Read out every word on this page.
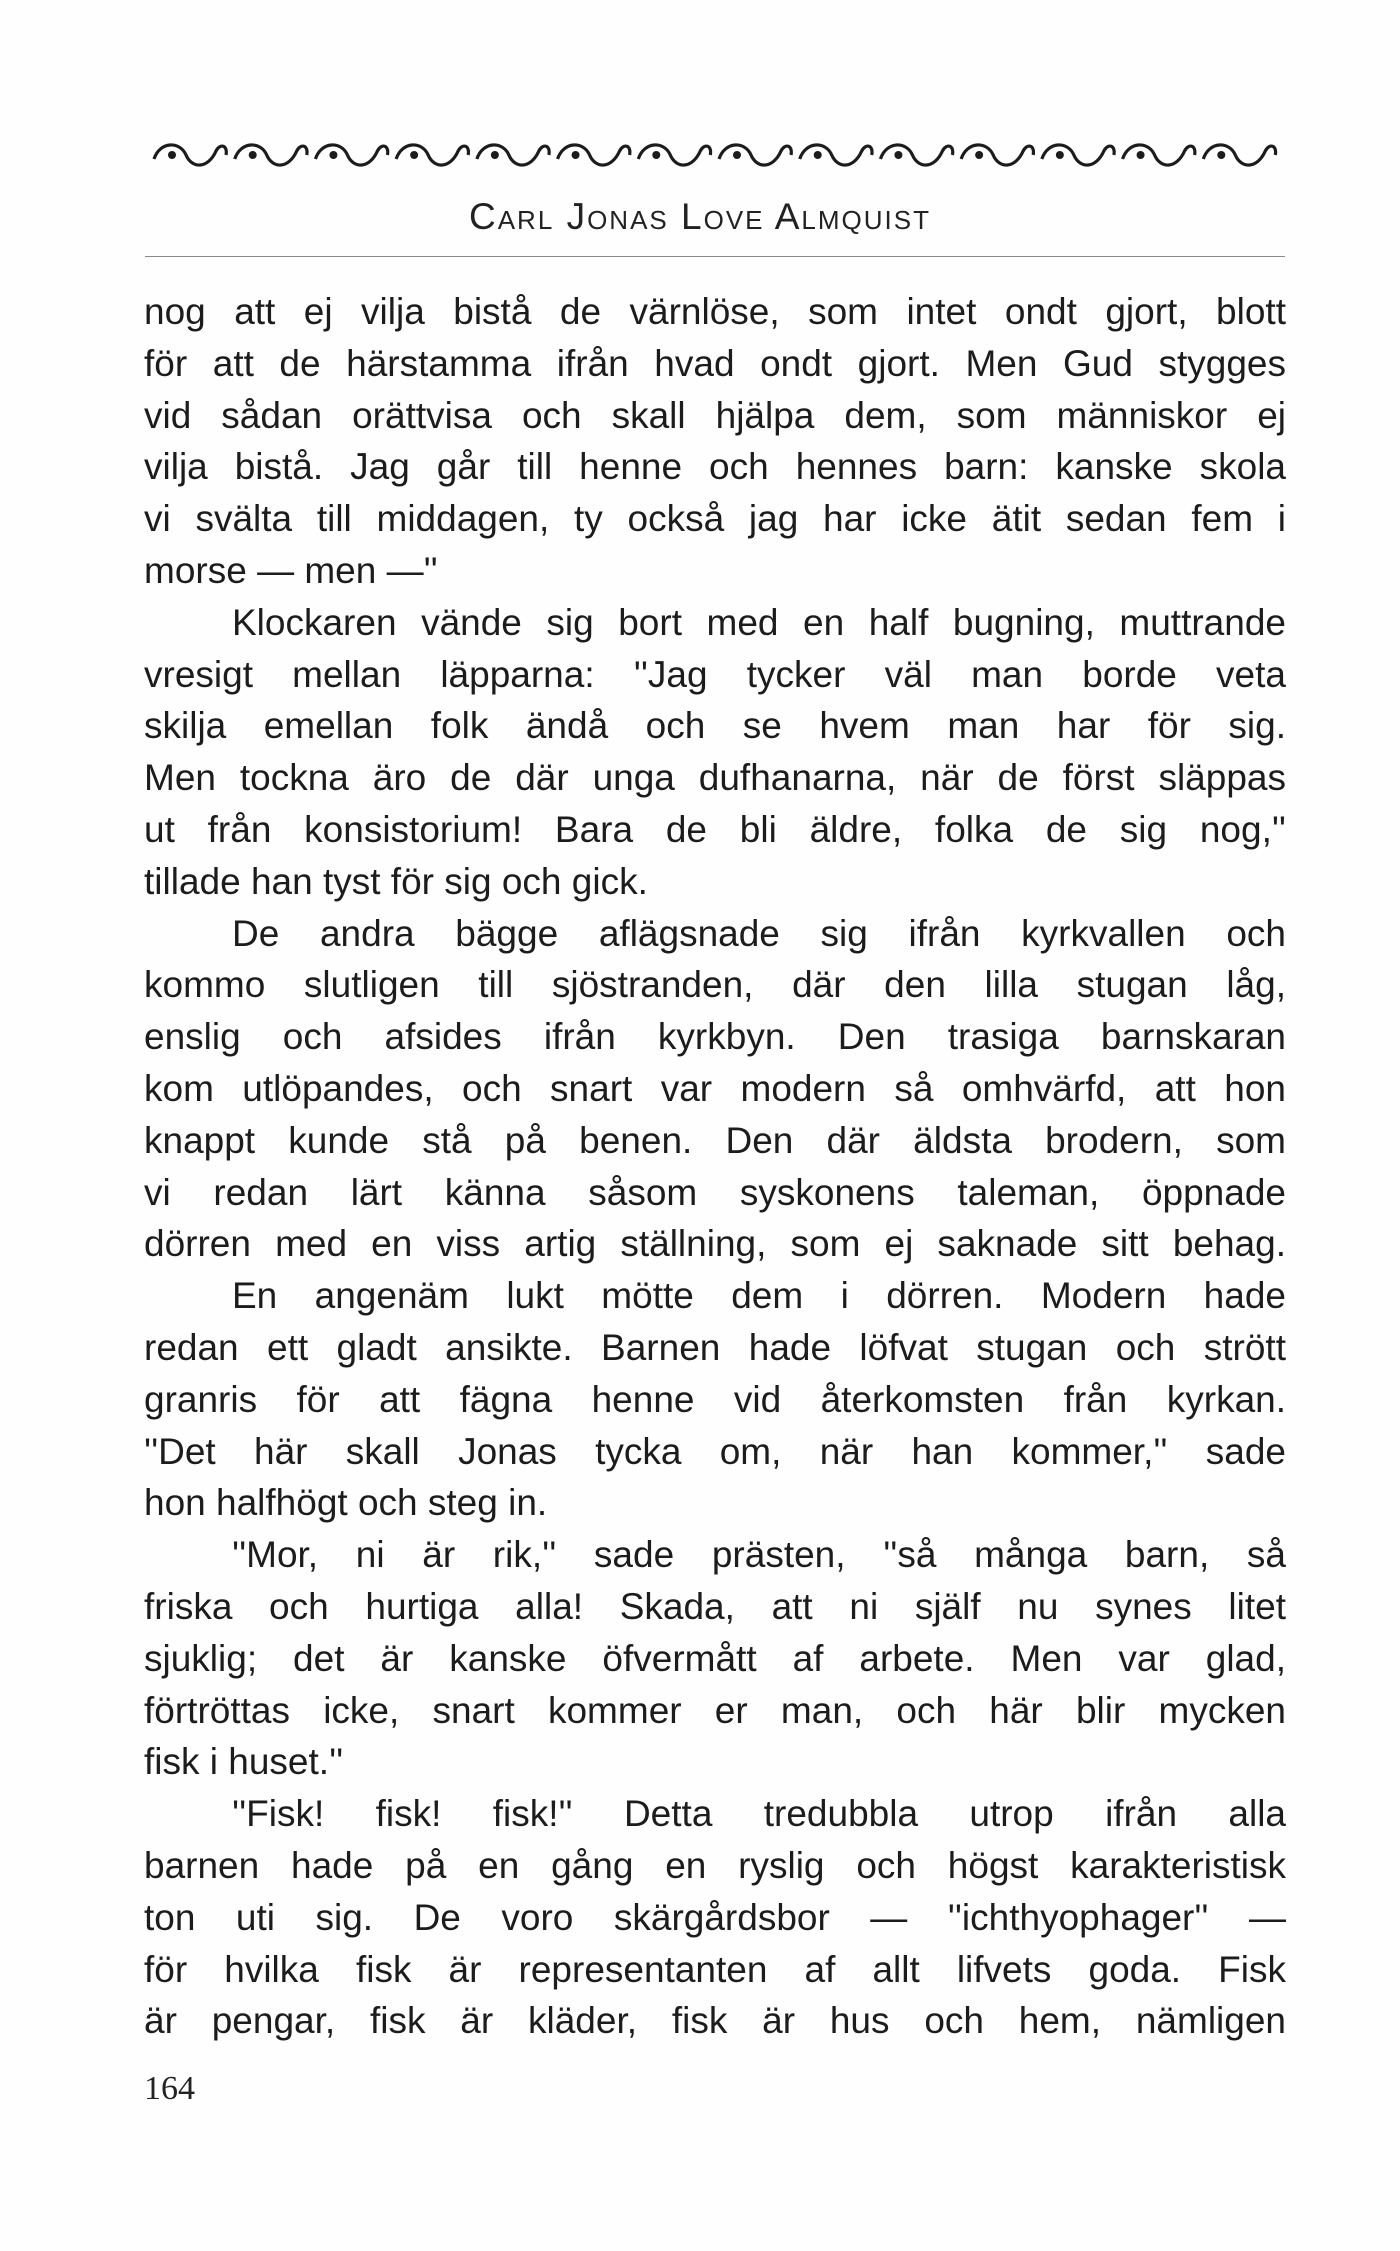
Carl Jonas Love Almquist
nog att ej vilja bistå de värnlöse, som intet ondt gjort, blott
för att de härstamma ifrån hvad ondt gjort. Men Gud stygges
vid sådan orättvisa och skall hjälpa dem, som människor ej
vilja bistå. Jag går till henne och hennes barn: kanske skola
vi svälta till middagen, ty också jag har icke ätit sedan fem i
morse — men —''
Klockaren vände sig bort med en half bugning, muttrande
vresigt mellan läpparna: ''Jag tycker väl man borde veta
skilja emellan folk ändå och se hvem man har för sig.
Men tockna äro de där unga dufhanarna, när de först släppas
ut från konsistorium! Bara de bli äldre, folka de sig nog,''
tillade han tyst för sig och gick.
De andra bägge aflägsnade sig ifrån kyrkvallen och
kommo slutligen till sjöstranden, där den lilla stugan låg,
enslig och afsides ifrån kyrkbyn. Den trasiga barnskaran
kom utlöpandes, och snart var modern så omhvärfd, att hon
knappt kunde stå på benen. Den där äldsta brodern, som
vi redan lärt känna såsom syskonens taleman, öppnade
dörren med en viss artig ställning, som ej saknade sitt behag.
En angenäm lukt mötte dem i dörren. Modern hade
redan ett gladt ansikte. Barnen hade löfvat stugan och strött
granris för att fägna henne vid återkomsten från kyrkan.
''Det här skall Jonas tycka om, när han kommer,'' sade
hon halfhögt och steg in.
''Mor, ni är rik,'' sade prästen, ''så många barn, så
friska och hurtiga alla! Skada, att ni själf nu synes litet
sjuklig; det är kanske öfvermått af arbete. Men var glad,
förtröttas icke, snart kommer er man, och här blir mycken
fisk i huset.''
''Fisk! fisk! fisk!'' Detta tredubbla utrop ifrån alla
barnen hade på en gång en ryslig och högst karakteristisk
ton uti sig. De voro skärgårdsbor — ''ichthyophager'' —
för hvilka fisk är representanten af allt lifvets goda. Fisk
är pengar, fisk är kläder, fisk är hus och hem, nämligen
164
